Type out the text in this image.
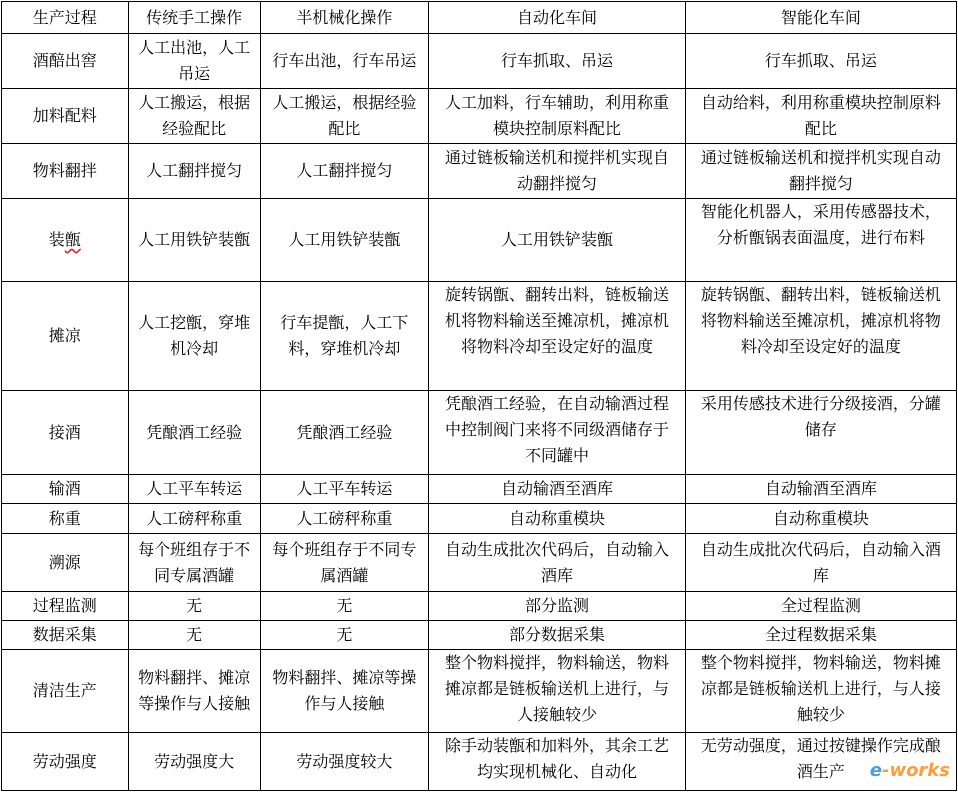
生产过程	传统手工操作	半机械化操作	自动化车间	智能化车间
酒醅出窖	人工出池，人工吊运	行车出池，行车吊运	行车抓取、吊运	行车抓取、吊运
加料配料	人工搬运，根据经验配比	人工搬运，根据经验配比	人工加料，行车辅助，利用称重模块控制原料配比	自动给料，利用称重模块控制原料配比
物料翻拌	人工翻拌搅匀	人工翻拌搅匀	通过链板输送机和搅拌机实现自动翻拌搅匀	通过链板输送机和搅拌机实现自动翻拌搅匀
装甑	人工用铁铲装甑	人工用铁铲装甑	人工用铁铲装甑	智能化机器人，采用传感器技术，分析甑锅表面温度，进行布料
摊凉	人工挖甑，穿堆机冷却	行车提甑，人工下料，穿堆机冷却	旋转锅甑、翻转出料，链板输送机将物料输送至摊凉机，摊凉机将物料冷却至设定好的温度	旋转锅甑、翻转出料，链板输送机将物料输送至摊凉机，摊凉机将物料冷却至设定好的温度
接酒	凭酿酒工经验	凭酿酒工经验	凭酿酒工经验，在自动输酒过程中控制阀门来将不同级酒储存于不同罐中	采用传感技术进行分级接酒，分罐储存
输酒	人工平车转运	人工平车转运	自动输酒至酒库	自动输酒至酒库
称重	人工磅秤称重	人工磅秤称重	自动称重模块	自动称重模块
溯源	每个班组存于不同专属酒罐	每个班组存于不同专属酒罐	自动生成批次代码后，自动输入酒库	自动生成批次代码后，自动输入酒库
过程监测	无	无	部分监测	全过程监测
数据采集	无	无	部分数据采集	全过程数据采集
清洁生产	物料翻拌、摊凉等操作与人接触	物料翻拌、摊凉等操作与人接触	整个物料搅拌，物料输送，物料摊凉都是链板输送机上进行，与人接触较少	整个物料搅拌，物料输送，物料摊凉都是链板输送机上进行，与人接触较少
劳动强度	劳动强度大	劳动强度较大	除手动装甑和加料外，其余工艺均实现机械化、自动化	无劳动强度，通过按键操作完成酿酒生产 e-works
